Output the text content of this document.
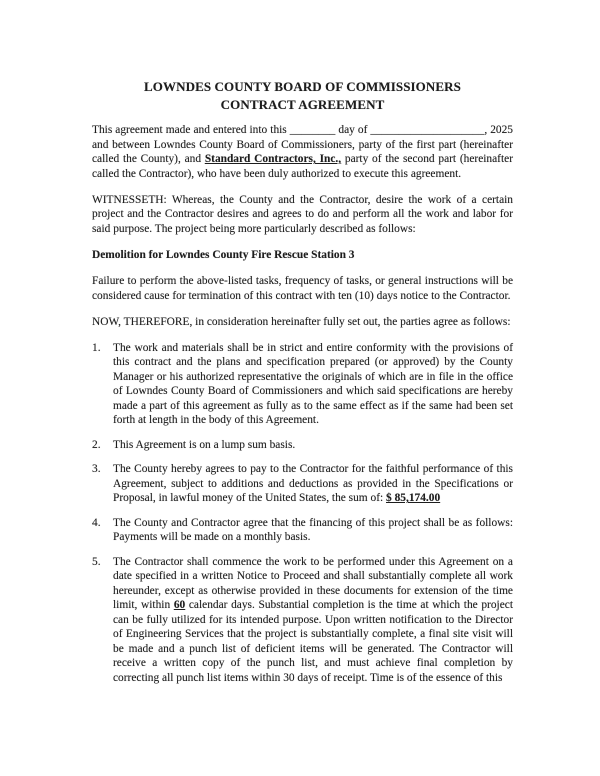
LOWNDES COUNTY BOARD OF COMMISSIONERS
CONTRACT AGREEMENT

This agreement made and entered into this ________ day of ____________________, 2025 and between Lowndes County Board of Commissioners, party of the first part (hereinafter called the County), and Standard Contractors, Inc., party of the second part (hereinafter called the Contractor), who have been duly authorized to execute this agreement.

WITNESSETH: Whereas, the County and the Contractor, desire the work of a certain project and the Contractor desires and agrees to do and perform all the work and labor for said purpose. The project being more particularly described as follows:

Demolition for Lowndes County Fire Rescue Station 3

Failure to perform the above-listed tasks, frequency of tasks, or general instructions will be considered cause for termination of this contract with ten (10) days notice to the Contractor.

NOW, THEREFORE, in consideration hereinafter fully set out, the parties agree as follows:

1. The work and materials shall be in strict and entire conformity with the provisions of this contract and the plans and specification prepared (or approved) by the County Manager or his authorized representative the originals of which are in file in the office of Lowndes County Board of Commissioners and which said specifications are hereby made a part of this agreement as fully as to the same effect as if the same had been set forth at length in the body of this Agreement.
2. This Agreement is on a lump sum basis.
3. The County hereby agrees to pay to the Contractor for the faithful performance of this Agreement, subject to additions and deductions as provided in the Specifications or Proposal, in lawful money of the United States, the sum of: $ 85,174.00
4. The County and Contractor agree that the financing of this project shall be as follows: Payments will be made on a monthly basis.
5. The Contractor shall commence the work to be performed under this Agreement on a date specified in a written Notice to Proceed and shall substantially complete all work hereunder, except as otherwise provided in these documents for extension of the time limit, within 60 calendar days. Substantial completion is the time at which the project can be fully utilized for its intended purpose. Upon written notification to the Director of Engineering Services that the project is substantially complete, a final site visit will be made and a punch list of deficient items will be generated. The Contractor will receive a written copy of the punch list, and must achieve final completion by correcting all punch list items within 30 days of receipt. Time is of the essence of this
